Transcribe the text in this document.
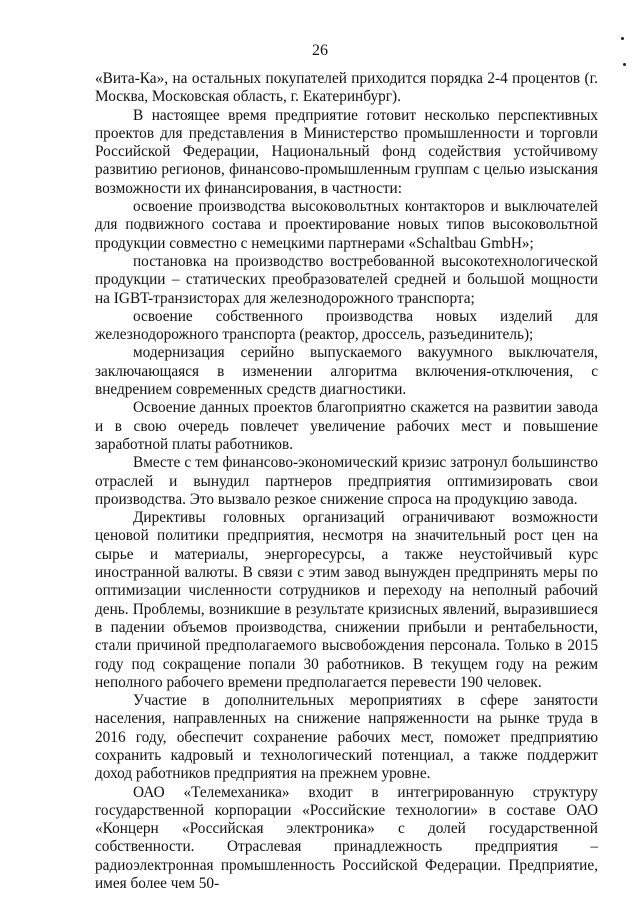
26

«Вита-Ка», на остальных покупателей приходится порядка 2-4 процентов (г. Москва, Московская область, г. Екатеринбург).

В настоящее время предприятие готовит несколько перспективных проектов для представления в Министерство промышленности и торговли Российской Федерации, Национальный фонд содействия устойчивому развитию регионов, финансово-промышленным группам с целью изыскания возможности их финансирования, в частности:

освоение производства высоковольтных контакторов и выключателей для подвижного состава и проектирование новых типов высоковольтной продукции совместно с немецкими партнерами «Schaltbau GmbH»;

постановка на производство востребованной высокотехнологической продукции – статических преобразователей средней и большой мощности на IGBT-транзисторах для железнодорожного транспорта;

освоение собственного производства новых изделий для железнодорожного транспорта (реактор, дроссель, разъединитель);

модернизация серийно выпускаемого вакуумного выключателя, заключающаяся в изменении алгоритма включения-отключения, с внедрением современных средств диагностики.

Освоение данных проектов благоприятно скажется на развитии завода и в свою очередь повлечет увеличение рабочих мест и повышение заработной платы работников.

Вместе с тем финансово-экономический кризис затронул большинство отраслей и вынудил партнеров предприятия оптимизировать свои производства. Это вызвало резкое снижение спроса на продукцию завода.

Директивы головных организаций ограничивают возможности ценовой политики предприятия, несмотря на значительный рост цен на сырье и материалы, энергоресурсы, а также неустойчивый курс иностранной валюты. В связи с этим завод вынужден предпринять меры по оптимизации численности сотрудников и переходу на неполный рабочий день. Проблемы, возникшие в результате кризисных явлений, выразившиеся в падении объемов производства, снижении прибыли и рентабельности, стали причиной предполагаемого высвобождения персонала. Только в 2015 году под сокращение попали 30 работников. В текущем году на режим неполного рабочего времени предполагается перевести 190 человек.

Участие в дополнительных мероприятиях в сфере занятости населения, направленных на снижение напряженности на рынке труда в 2016 году, обеспечит сохранение рабочих мест, поможет предприятию сохранить кадровый и технологический потенциал, а также поддержит доход работников предприятия на прежнем уровне.

ОАО «Телемеханика» входит в интегрированную структуру государственной корпорации «Российские технологии» в составе ОАО «Концерн «Российская электроника» с долей государственной собственности. Отраслевая принадлежность предприятия – радиоэлектронная промышленность Российской Федерации. Предприятие, имея более чем 50-
